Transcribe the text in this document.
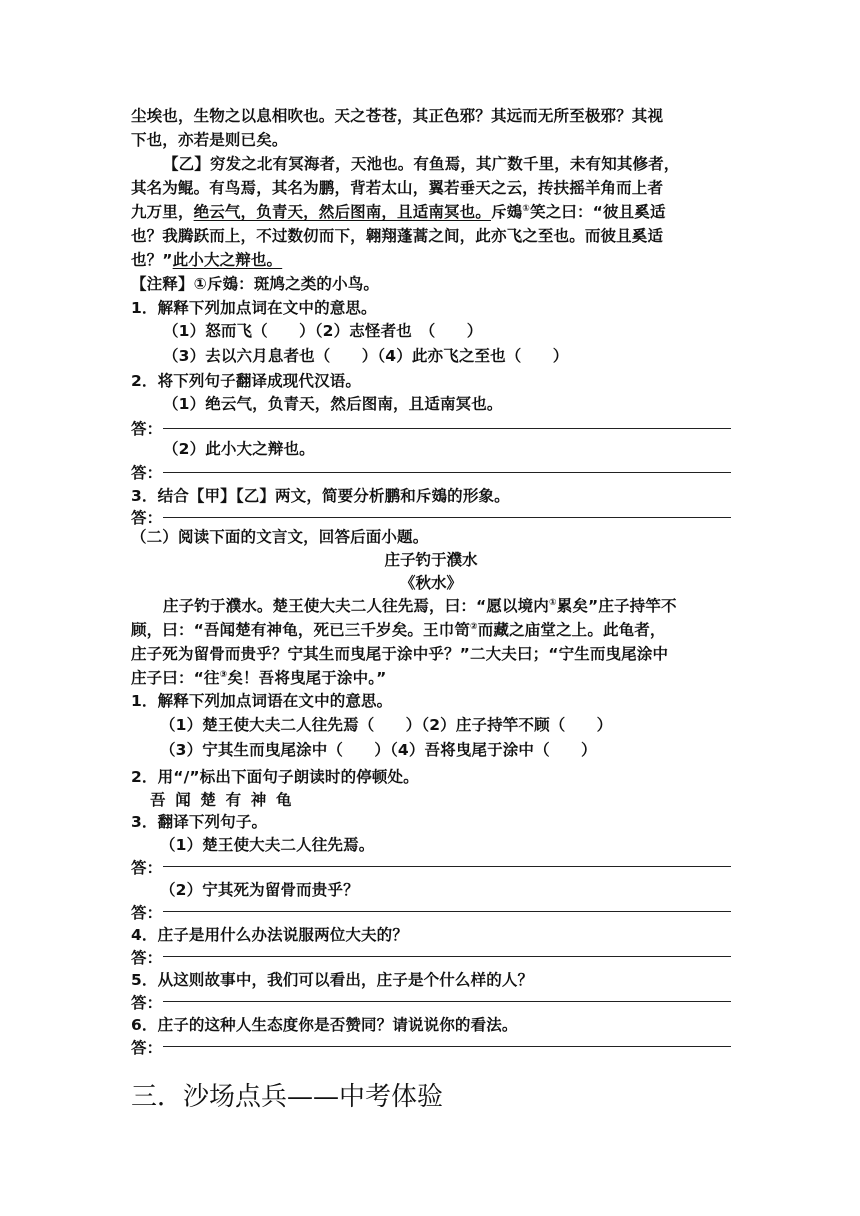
尘埃也，生物之以息相吹也。天之苍苍，其正色邪？其远而无所至极邪？其视
下也，亦若是则已矣。
【乙】穷发之北有冥海者，天池也。有鱼焉，其广数千里，未有知其修者，
其名为鲲。有鸟焉，其名为鹏，背若太山，翼若垂天之云，抟扶摇羊角而上者
九万里，绝云气，负青天，然后图南，且适南冥也。斥鴳①笑之曰：“彼且奚适
也？我腾跃而上，不过数仞而下，翱翔蓬蒿之间，此亦飞之至也。而彼且奚适
也？”此小大之辩也。
【注释】①斥鴳：斑鸠之类的小鸟。
1．解释下列加点词在文中的意思。
（1）怒而飞（　　）（2）志怪者也　（　　）
（3）去以六月息者也（　　）（4）此亦飞之至也（　　）
2．将下列句子翻译成现代汉语。
（1）绝云气，负青天，然后图南，且适南冥也。
答：
（2）此小大之辩也。
答：
3．结合【甲】【乙】两文，简要分析鹏和斥鴳的形象。
答：
（二）阅读下面的文言文，回答后面小题。
庄子钓于濮水
《秋水》
庄子钓于濮水。楚王使大夫二人往先焉，曰：“愿以境内①累矣”庄子持竿不
顾，曰：“吾闻楚有神龟，死已三千岁矣。王巾笥②而藏之庙堂之上。此龟者，
庄子死为留骨而贵乎？宁其生而曳尾于涂中乎？”二大夫曰；“宁生而曳尾涂中
庄子曰：“往③矣！吾将曳尾于涂中。”
1．解释下列加点词语在文中的意思。
（1）楚王使大夫二人往先焉（　　）（2）庄子持竿不顾（　　）
（3）宁其生而曳尾涂中（　　）（4）吾将曳尾于涂中（　　）
2．用“/”标出下面句子朗读时的停顿处。
吾 闻 楚 有 神 龟
3．翻译下列句子。
（1）楚王使大夫二人往先焉。
答：
（2）宁其死为留骨而贵乎？
答：
4．庄子是用什么办法说服两位大夫的？
答：
5．从这则故事中，我们可以看出，庄子是个什么样的人？
答：
6．庄子的这种人生态度你是否赞同？请说说你的看法。
答：
三．沙场点兵——中考体验
